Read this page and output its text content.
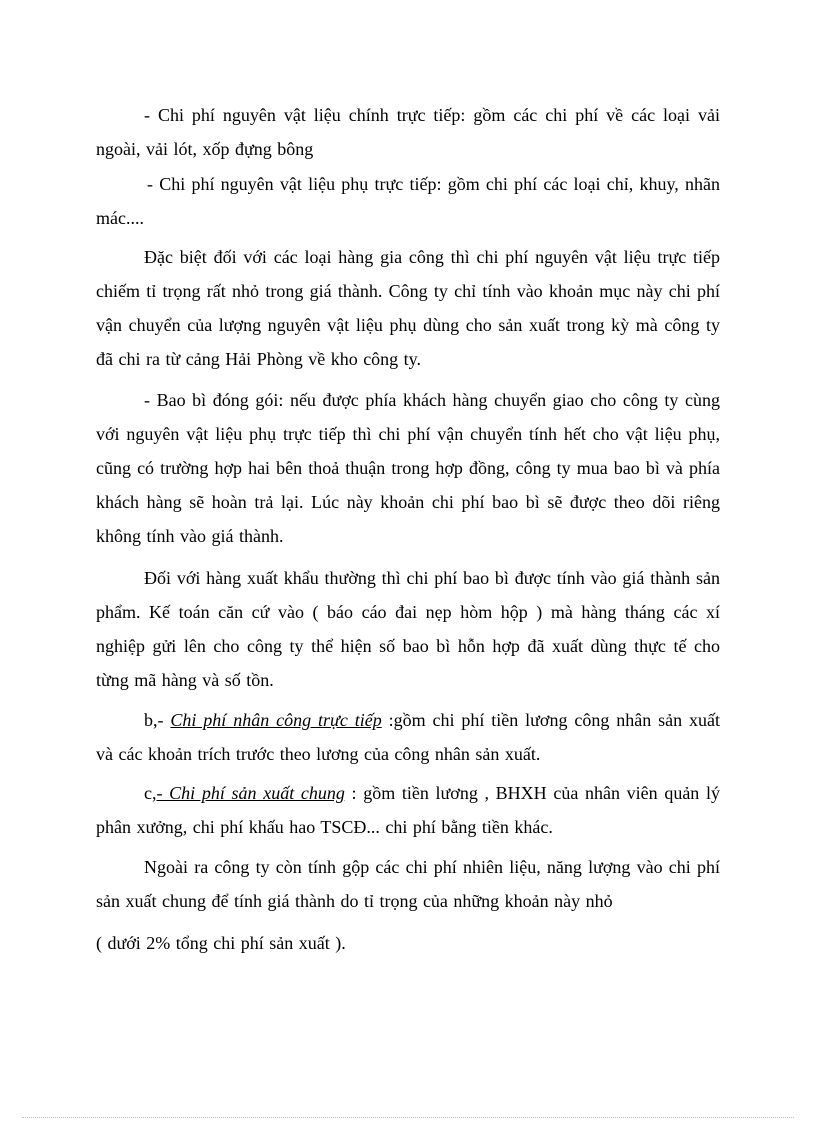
- Chi phí nguyên vật liệu chính trực tiếp: gồm các chi phí về các loại vải
ngoài, vải lót, xốp đựng bông

- Chi phí nguyên vật liệu phụ trực tiếp: gồm chi phí các loại chỉ, khuy, nhãn
mác....

Đặc biệt đối với các loại hàng gia công thì chi phí nguyên vật liệu trực tiếp
chiếm tỉ trọng rất nhỏ trong giá thành. Công ty chỉ tính vào khoản mục này chi phí
vận chuyển của lượng nguyên vật liệu phụ dùng cho sản xuất trong kỳ mà công ty
đã chi ra từ cảng Hải Phòng về kho công ty.

- Bao bì đóng gói: nếu được phía khách hàng chuyển giao cho công ty cùng
với nguyên vật liệu phụ trực tiếp thì chi phí vận chuyển tính hết cho vật liệu phụ,
cũng có trường hợp hai bên thoả thuận trong hợp đồng, công ty mua bao bì và phía
khách hàng sẽ hoàn trả lại. Lúc này khoản chi phí bao bì sẽ được theo dõi riêng
không tính vào giá thành.

Đối với hàng xuất khẩu thường thì chi phí bao bì được tính vào giá thành sản
phẩm. Kế toán căn cứ vào ( báo cáo đai nẹp hòm hộp ) mà hàng tháng các xí
nghiệp gửi lên cho công ty thể hiện số bao bì hỗn hợp đã xuất dùng thực tế cho
từng mã hàng và số tồn.

b,- Chi phí nhân công trực tiếp :gồm chi phí tiền lương công nhân sản xuất
và các khoản trích trước theo lương của công nhân sản xuất.

c,- Chi phí sản xuất chung : gồm tiền lương , BHXH của nhân viên quản lý
phân xưởng, chi phí khấu hao TSCĐ... chi phí bằng tiền khác.

Ngoài ra công ty còn tính gộp các chi phí nhiên liệu, năng lượng vào chi phí
sản xuất chung để tính giá thành do tỉ trọng của những khoản này nhỏ

( dưới 2% tổng chi phí sản xuất ).
